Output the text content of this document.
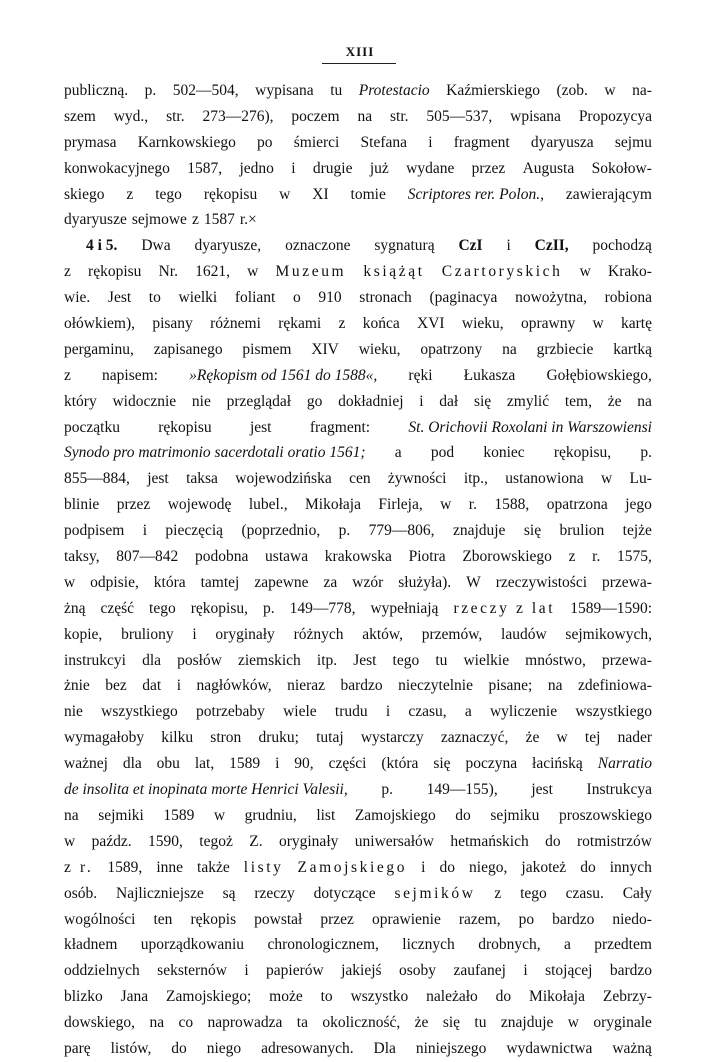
XIII
publiczną. p. 502—504, wypisana tu Protestacio Kaźmierskiego (zob. w na-
szem wyd., str. 273—276), poczem na str. 505—537, wpisana Propozycya
prymasa Karnkowskiego po śmierci Stefana i fragment dyaryusza sejmu
konwokacyjnego 1587, jedno i drugie już wydane przez Augusta Sokołow-
skiego z tego rękopisu w XI tomie Scriptores rer. Polon., zawierającym
dyaryusze sejmowe z 1587 r.×
4 i 5. Dwa dyaryusze, oznaczone sygnaturą CzI i CzII, pochodzą
z rękopisu Nr. 1621, w Muzeum książąt Czartoryskich w Krako-
wie. Jest to wielki foliant o 910 stronach (paginacya nowożytna, robiona
ołówkiem), pisany różnemi rękami z końca XVI wieku, oprawny w kartę
pergaminu, zapisanego pismem XIV wieku, opatrzony na grzbiecie kartką
z napisem: »Rękopism od 1561 do 1588«, ręki Łukasza Gołębiowskiego,
który widocznie nie przeglądał go dokładniej i dał się zmylić tem, że na
początku rękopisu jest fragment: St. Orichovii Roxolani in Warszowiensi
Synodo pro matrimonio sacerdotali oratio 1561; a pod koniec rękopisu, p.
855—884, jest taksa wojewodzińska cen żywności itp., ustanowiona w Lu-
blinie przez wojewodę lubel., Mikołaja Firleja, w r. 1588, opatrzona jego
podpisem i pieczęcią (poprzednio, p. 779—806, znajduje się brulion tejże
taksy, 807—842 podobna ustawa krakowska Piotra Zborowskiego z r. 1575,
w odpisie, która tamtej zapewne za wzór służyła). W rzeczywistości przewa-
żną część tego rękopisu, p. 149—778, wypełniają rzeczy z lat 1589—1590:
kopie, bruliony i oryginały różnych aktów, przemów, laudów sejmikowych,
instrukcyi dla posłów ziemskich itp. Jest tego tu wielkie mnóstwo, przewa-
żnie bez dat i nagłówków, nieraz bardzo nieczytelnie pisane; na zdefiniowa-
nie wszystkiego potrzebaby wiele trudu i czasu, a wyliczenie wszystkiego
wymagałoby kilku stron druku; tutaj wystarczy zaznaczyć, że w tej nader
ważnej dla obu lat, 1589 i 90, części (która się poczyna łacińską Narratio
de insolita et inopinata morte Henrici Valesii, p. 149—155), jest Instrukcya
na sejmiki 1589 w grudniu, list Zamojskiego do sejmiku proszowskiego
w paźdz. 1590, tegoż Z. oryginały uniwersałów hetmańskich do rotmistrzów
z r. 1589, inne także listy Zamojskiego i do niego, jakoteż do innych
osób. Najliczniejsze są rzeczy dotyczące sejmików z tego czasu. Cały
wogólności ten rękopis powstał przez oprawienie razem, po bardzo niedo-
kładnem uporządkowaniu chronologicznem, licznych drobnych, a przedtem
oddzielnych seksternów i papierów jakiejś osoby zaufanej i stojącej bardzo
blizko Jana Zamojskiego; może to wszystko należało do Mikołaja Zebrzy-
dowskiego, na co naprowadza ta okoliczność, że się tu znajduje w oryginale
parę listów, do niego adresowanych. Dla niniejszego wydawnictwa ważną
